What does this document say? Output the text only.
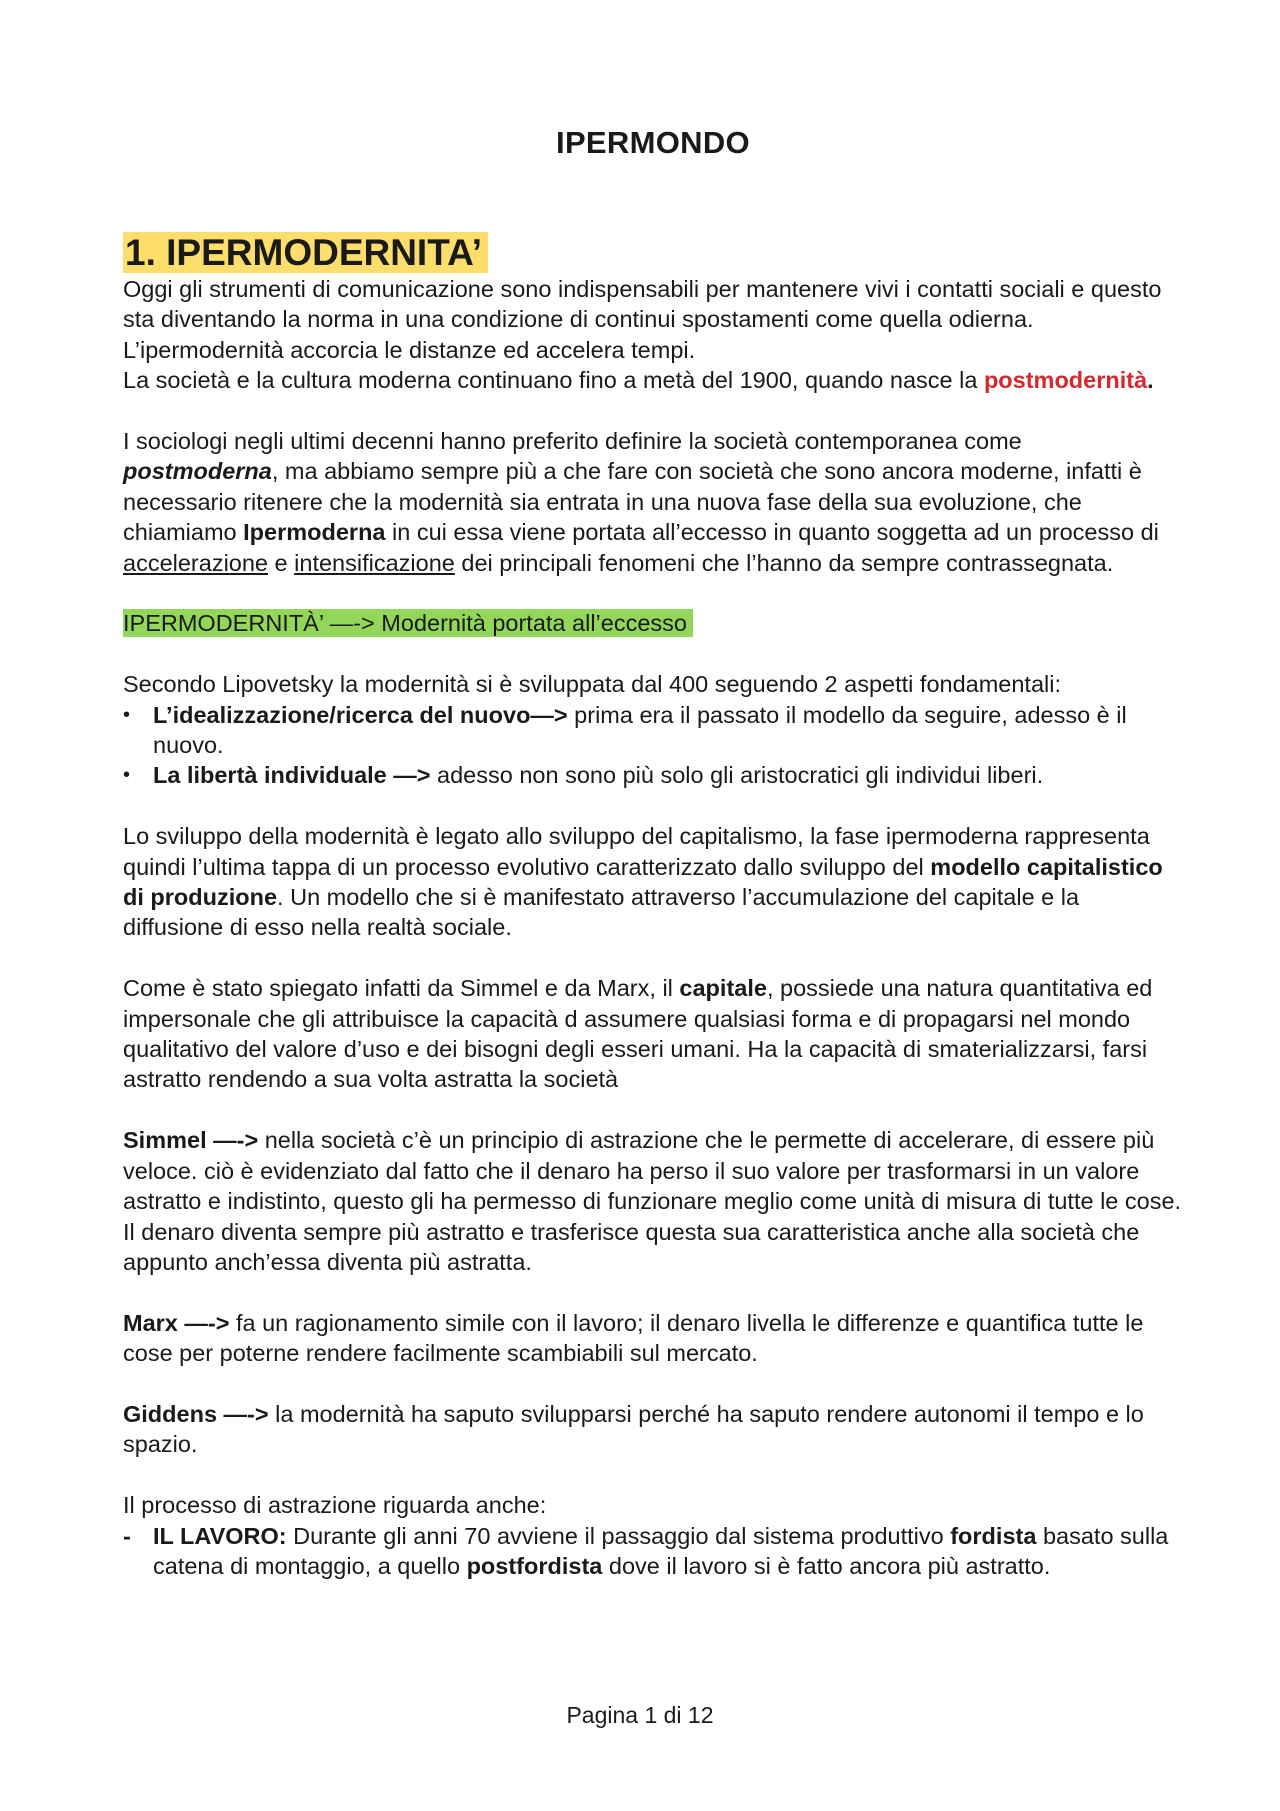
IPERMONDO
1. IPERMODERNITA’

Oggi gli strumenti di comunicazione sono indispensabili per mantenere vivi i contatti sociali e questo sta diventando la norma in una condizione di continui spostamenti come quella odierna. L’ipermodernità accorcia le distanze ed accelera tempi.
La società e la cultura moderna continuano fino a metà del 1900, quando nasce la postmodernità.

I sociologi negli ultimi decenni hanno preferito definire la società contemporanea come postmoderna, ma abbiamo sempre più a che fare con società che sono ancora moderne, infatti è necessario ritenere che la modernità sia entrata in una nuova fase della sua evoluzione, che chiamiamo Ipermoderna in cui essa viene portata all’eccesso in quanto soggetta ad un processo di accelerazione e intensificazione dei principali fenomeni che l’hanno da sempre contrassegnata.

IPERMODERNITÀ’ —-> Modernità portata all’eccesso

Secondo Lipovetsky la modernità si è sviluppata dal 400 seguendo 2 aspetti fondamentali:

• L’idealizzazione/ricerca del nuovo—> prima era il passato il modello da seguire, adesso è il nuovo.
• La libertà individuale —> adesso non sono più solo gli aristocratici gli individui liberi.

Lo sviluppo della modernità è legato allo sviluppo del capitalismo, la fase ipermoderna rappresenta quindi l’ultima tappa di un processo evolutivo caratterizzato dallo sviluppo del modello capitalistico di produzione. Un modello che si è manifestato attraverso l’accumulazione del capitale e la diffusione di esso nella realtà sociale.

Come è stato spiegato infatti da Simmel e da Marx, il capitale, possiede una natura quantitativa ed impersonale che gli attribuisce la capacità d assumere qualsiasi forma e di propagarsi nel mondo qualitativo del valore d’uso e dei bisogni degli esseri umani. Ha la capacità di smaterializzarsi, farsi astratto rendendo a sua volta astratta la società

Simmel —-> nella società c’è un principio di astrazione che le permette di accelerare, di essere più veloce. ciò è evidenziato dal fatto che il denaro ha perso il suo valore per trasformarsi in un valore astratto e indistinto, questo gli ha permesso di funzionare meglio come unità di misura di tutte le cose. Il denaro diventa sempre più astratto e trasferisce questa sua caratteristica anche alla società che appunto anch’essa diventa più astratta.

Marx —-> fa un ragionamento simile con il lavoro; il denaro livella le differenze e quantifica tutte le cose per poterne rendere facilmente scambiabili sul mercato.

Giddens —-> la modernità ha saputo svilupparsi perché ha saputo rendere autonomi il tempo e lo spazio.

Il processo di astrazione riguarda anche:

- IL LAVORO: Durante gli anni 70 avviene il passaggio dal sistema produttivo fordista basato sulla catena di montaggio, a quello postfordista dove il lavoro si è fatto ancora più astratto.
Pagina 1 di 12
